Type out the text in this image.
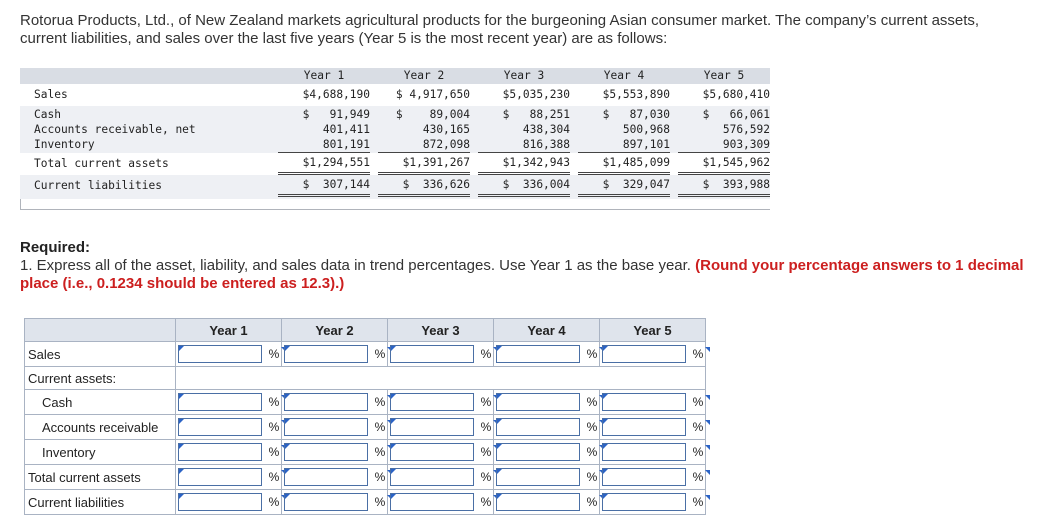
Rotorua Products, Ltd., of New Zealand markets agricultural products for the burgeoning Asian consumer market. The company’s current assets, current liabilities, and sales over the last five years (Year 5 is the most recent year) are as follows:
Year 1	Year 2	Year 3	Year 4	Year 5
Sales	$4,688,190	$ 4,917,650	$5,035,230	$5,553,890	$5,680,410
Cash	$   91,949	$    89,004	$   88,251	$   87,030	$   66,061
Accounts receivable, net	401,411	430,165	438,304	500,968	576,592
Inventory	801,191	872,098	816,388	897,101	903,309
Total current assets	$1,294,551	$1,391,267	$1,342,943	$1,485,099	$1,545,962
Current liabilities	$  307,144	$  336,626	$  336,004	$  329,047	$  393,988
Required:
1. Express all of the asset, liability, and sales data in trend percentages. Use Year 1 as the base year. (Round your percentage answers to 1 decimal place (i.e., 0.1234 should be entered as 12.3).)
	Year 1		Year 2		Year 3		Year 4		Year 5	
Sales		%		%		%		%		%
Current assets:										
Cash		%		%		%		%		%
Accounts receivable		%		%		%		%		%
Inventory		%		%		%		%		%
Total current assets		%		%		%		%		%
Current liabilities		%		%		%		%		%
